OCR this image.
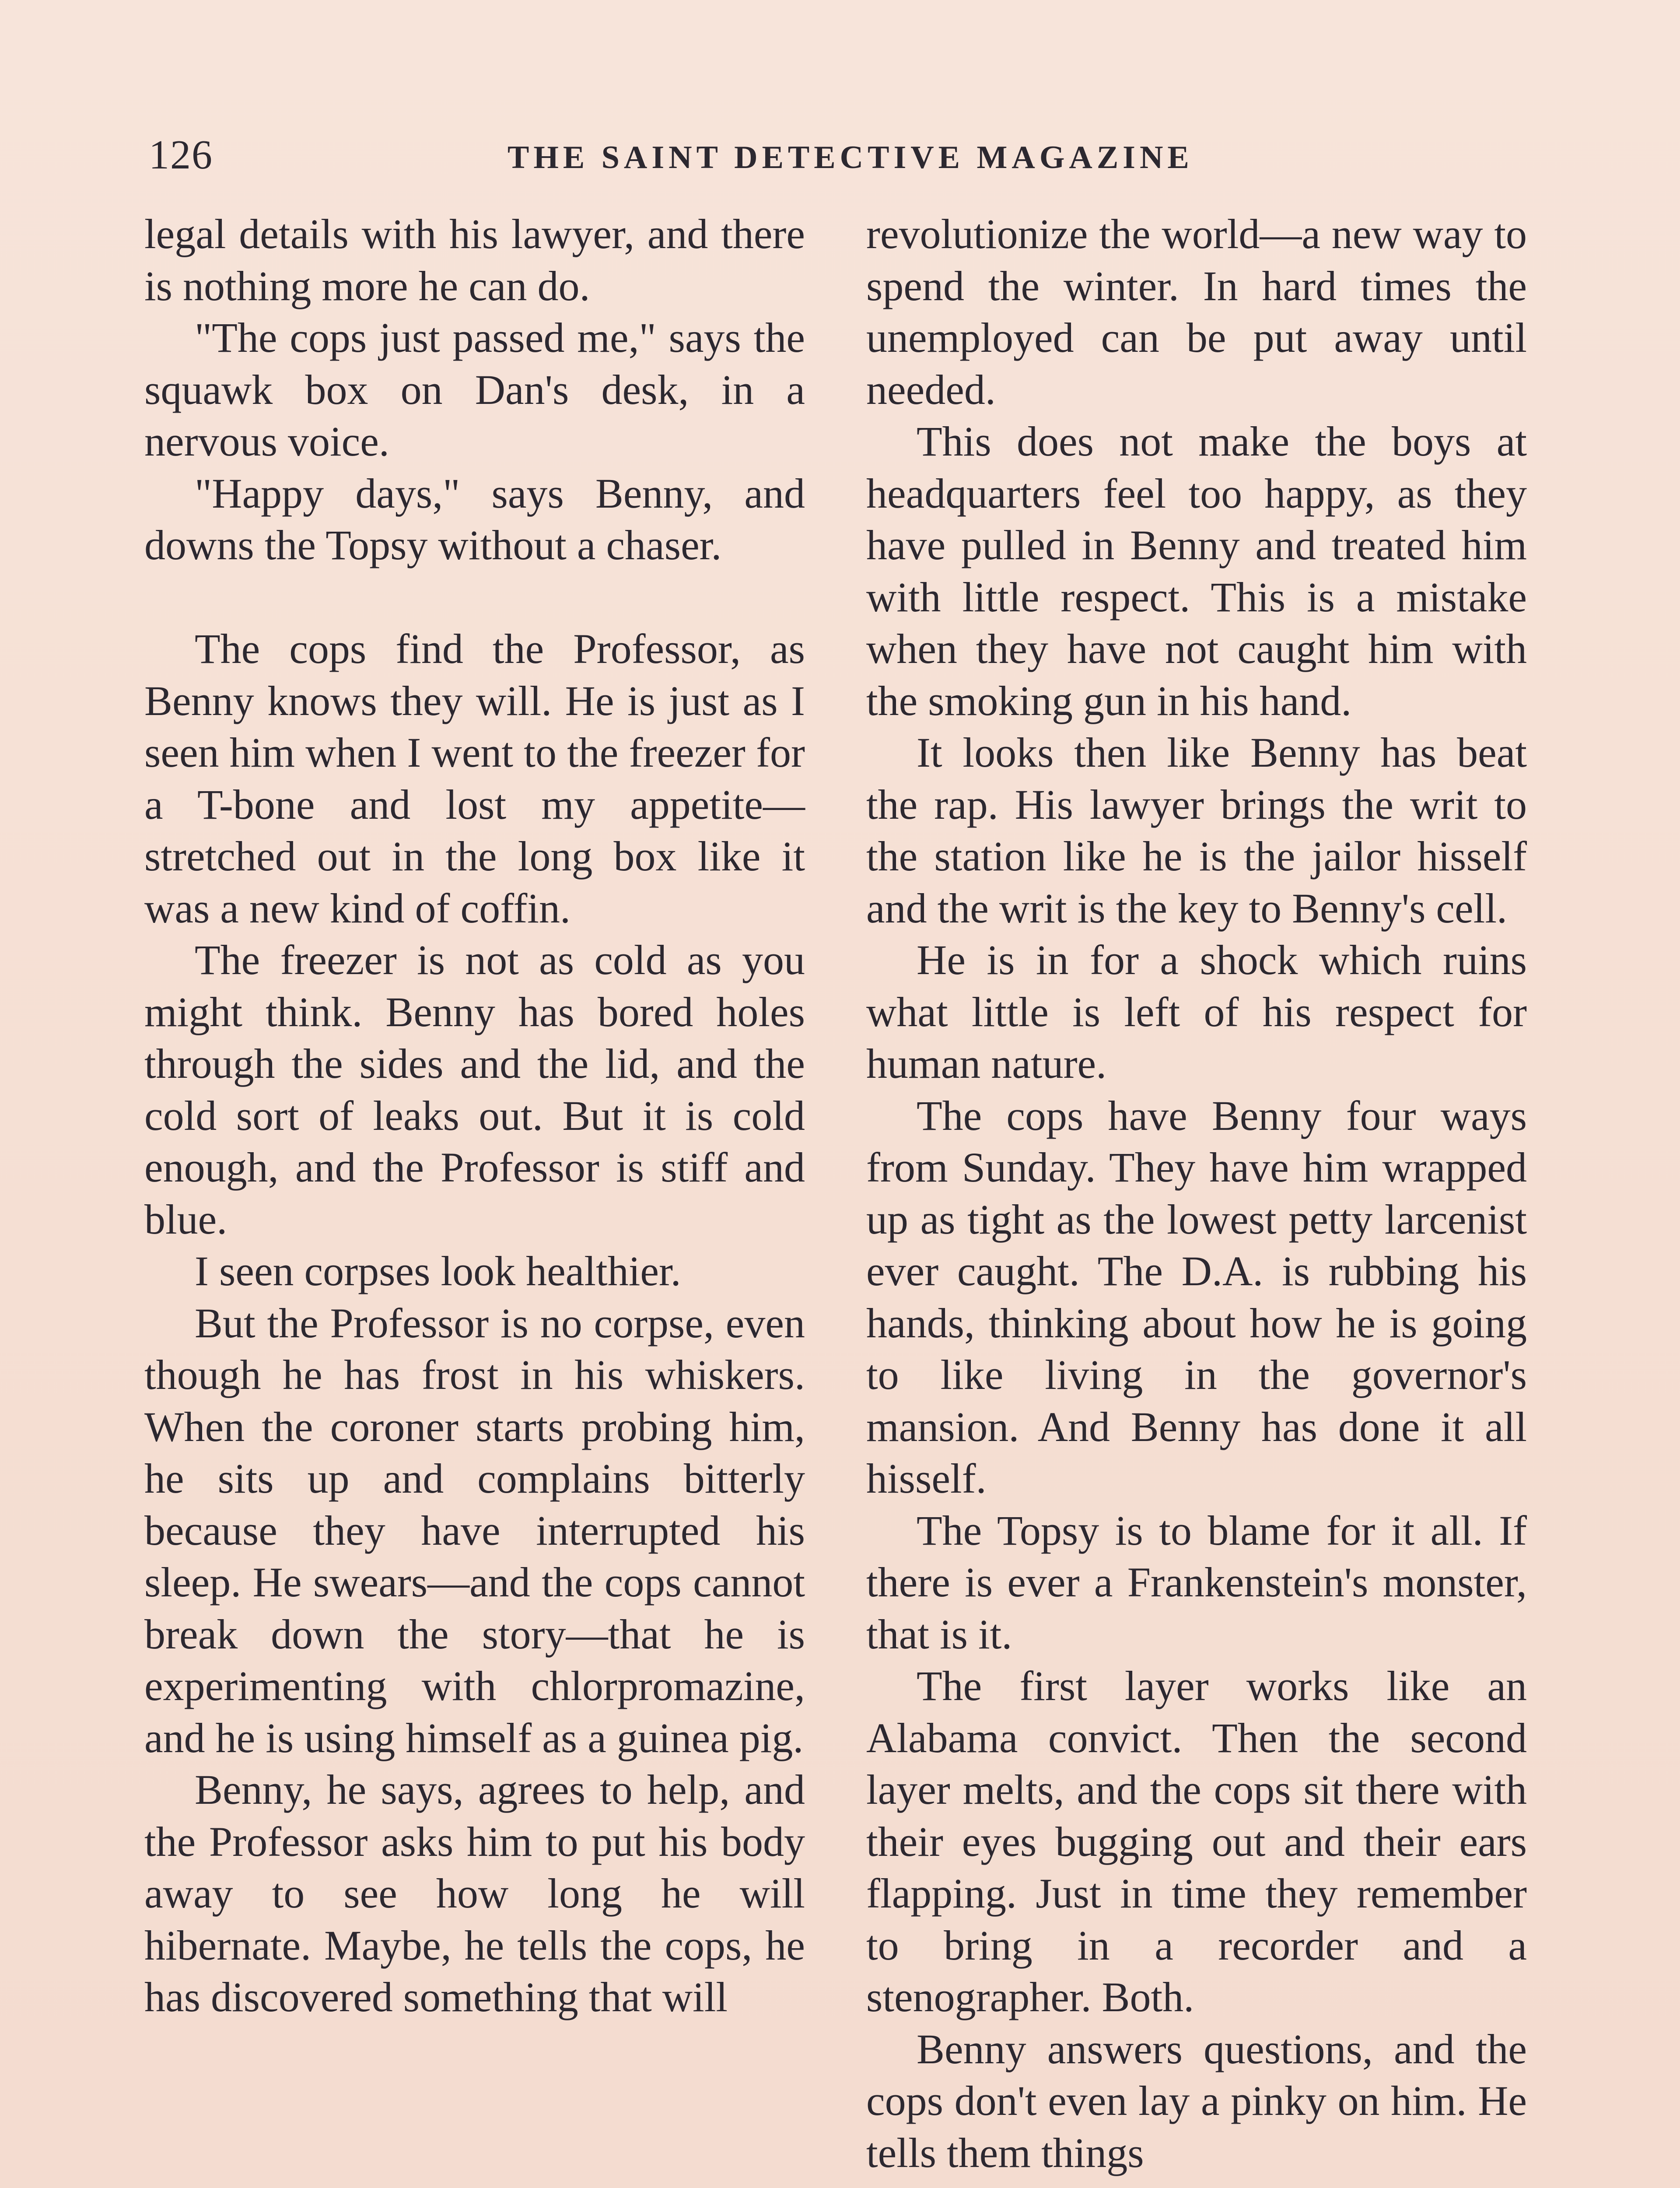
126	THE SAINT DETECTIVE MAGAZINE

legal details with his lawyer, and there is nothing more he can do.

"The cops just passed me," says the squawk box on Dan's desk, in a nervous voice.

"Happy days," says Benny, and downs the Topsy without a chaser.

The cops find the Professor, as Benny knows they will. He is just as I seen him when I went to the freezer for a T-bone and lost my appetite—stretched out in the long box like it was a new kind of coffin.

The freezer is not as cold as you might think. Benny has bored holes through the sides and the lid, and the cold sort of leaks out. But it is cold enough, and the Professor is stiff and blue.

I seen corpses look healthier.

But the Professor is no corpse, even though he has frost in his whiskers. When the coroner starts probing him, he sits up and complains bitterly because they have interrupted his sleep. He swears—and the cops cannot break down the story—that he is experimenting with chlorpromazine, and he is using himself as a guinea pig.

Benny, he says, agrees to help, and the Professor asks him to put his body away to see how long he will hibernate. Maybe, he tells the cops, he has discovered something that will

revolutionize the world—a new way to spend the winter. In hard times the unemployed can be put away until needed.

This does not make the boys at headquarters feel too happy, as they have pulled in Benny and treated him with little respect. This is a mistake when they have not caught him with the smoking gun in his hand.

It looks then like Benny has beat the rap. His lawyer brings the writ to the station like he is the jailor hisself and the writ is the key to Benny's cell.

He is in for a shock which ruins what little is left of his respect for human nature.

The cops have Benny four ways from Sunday. They have him wrapped up as tight as the lowest petty larcenist ever caught. The D.A. is rubbing his hands, thinking about how he is going to like living in the governor's mansion. And Benny has done it all hisself.

The Topsy is to blame for it all. If there is ever a Frankenstein's monster, that is it.

The first layer works like an Alabama convict. Then the second layer melts, and the cops sit there with their eyes bugging out and their ears flapping. Just in time they remember to bring in a recorder and a stenographer. Both.

Benny answers questions, and the cops don't even lay a pinky on him. He tells them things
